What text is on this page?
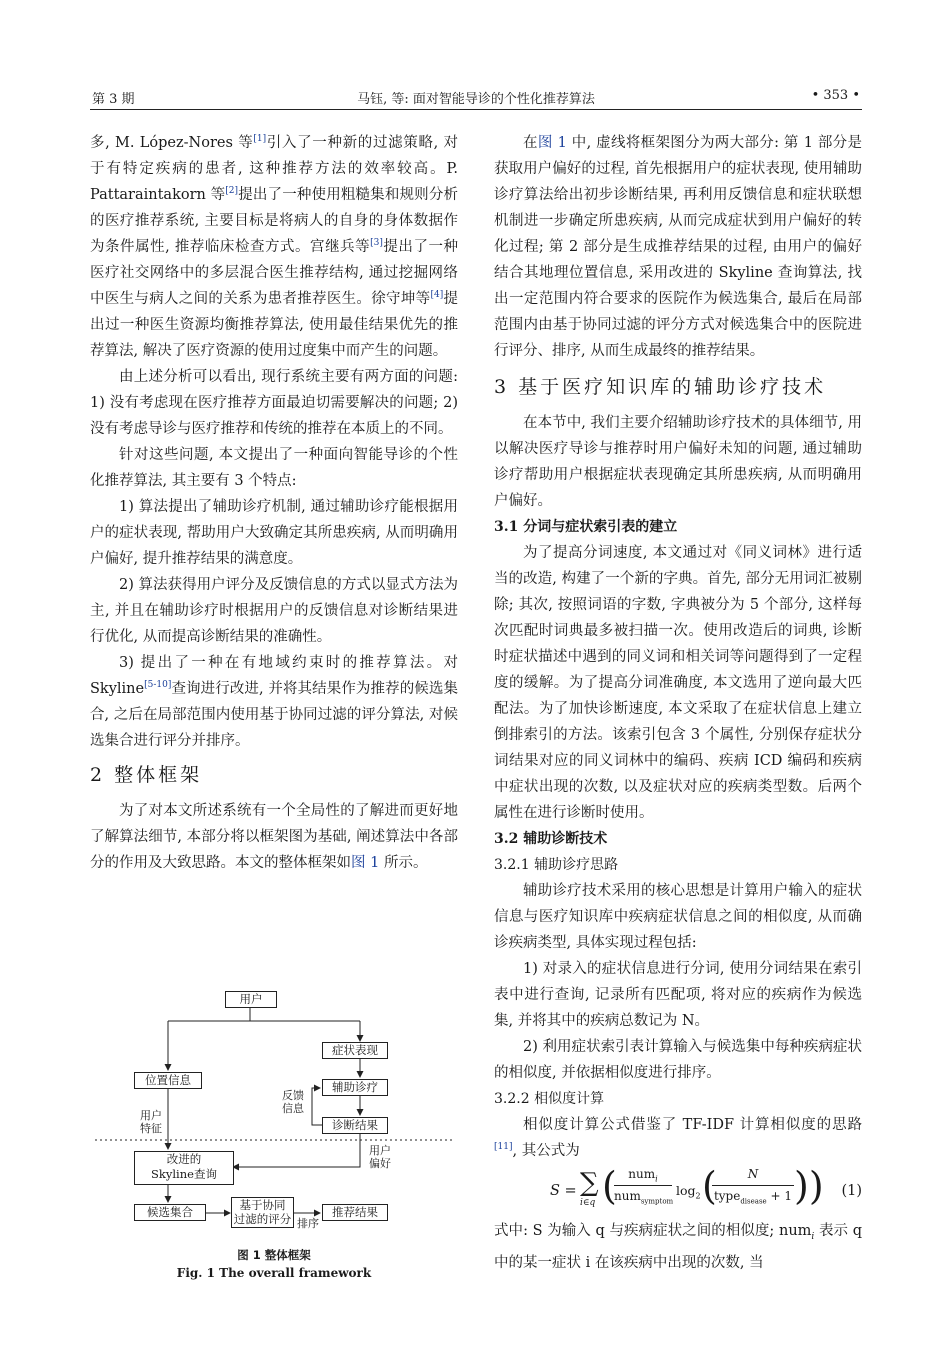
第 3 期	马钰, 等: 面对智能导诊的个性化推荐算法	• 353 •

多, M. López-Nores 等[1]引入了一种新的过滤策略, 对于有特定疾病的患者, 这种推荐方法的效率较高。P. Pattaraintakorn 等[2]提出了一种使用粗糙集和规则分析的医疗推荐系统, 主要目标是将病人的自身的身体数据作为条件属性, 推荐临床检查方式。宫继兵等[3]提出了一种医疗社交网络中的多层混合医生推荐结构, 通过挖掘网络中医生与病人之间的关系为患者推荐医生。徐守坤等[4]提出过一种医生资源均衡推荐算法, 使用最佳结果优先的推荐算法, 解决了医疗资源的使用过度集中而产生的问题。

由上述分析可以看出, 现行系统主要有两方面的问题: 1) 没有考虑现在医疗推荐方面最迫切需要解决的问题; 2) 没有考虑导诊与医疗推荐和传统的推荐在本质上的不同。

针对这些问题, 本文提出了一种面向智能导诊的个性化推荐算法, 其主要有 3 个特点:

1) 算法提出了辅助诊疗机制, 通过辅助诊疗能根据用户的症状表现, 帮助用户大致确定其所患疾病, 从而明确用户偏好, 提升推荐结果的满意度。

2) 算法获得用户评分及反馈信息的方式以显式方法为主, 并且在辅助诊疗时根据用户的反馈信息对诊断结果进行优化, 从而提高诊断结果的准确性。

3) 提出了一种在有地域约束时的推荐算法。对 Skyline[5-10]查询进行改进, 并将其结果作为推荐的候选集合, 之后在局部范围内使用基于协同过滤的评分算法, 对候选集合进行评分并排序。

2 整体框架

为了对本文所述系统有一个全局性的了解进而更好地了解算法细节, 本部分将以框架图为基础, 阐述算法中各部分的作用及大致思路。本文的整体框架如图 1 所示。

用户
症状表现
位置信息	辅助诊疗
诊断结果
改进的
Skyline查询
候选集合	基于协同
过滤的评分	推荐结果
反馈
信息
用户
特征
用户
偏好
排序
图 1 整体框架
Fig. 1 The overall framework

在图 1 中, 虚线将框架图分为两大部分: 第 1 部分是获取用户偏好的过程, 首先根据用户的症状表现, 使用辅助诊疗算法给出初步诊断结果, 再利用反馈信息和症状联想机制进一步确定所患疾病, 从而完成症状到用户偏好的转化过程; 第 2 部分是生成推荐结果的过程, 由用户的偏好结合其地理位置信息, 采用改进的 Skyline 查询算法, 找出一定范围内符合要求的医院作为候选集合, 最后在局部范围内由基于协同过滤的评分方式对候选集合中的医院进行评分、排序, 从而生成最终的推荐结果。

3 基于医疗知识库的辅助诊疗技术

在本节中, 我们主要介绍辅助诊疗技术的具体细节, 用以解决医疗导诊与推荐时用户偏好未知的问题, 通过辅助诊疗帮助用户根据症状表现确定其所患疾病, 从而明确用户偏好。

3.1 分词与症状索引表的建立

为了提高分词速度, 本文通过对《同义词林》进行适当的改造, 构建了一个新的字典。首先, 部分无用词汇被剔除; 其次, 按照词语的字数, 字典被分为 5 个部分, 这样每次匹配时词典最多被扫描一次。使用改造后的词典, 诊断时症状描述中遇到的同义词和相关词等问题得到了一定程度的缓解。为了提高分词准确度, 本文选用了逆向最大匹配法。为了加快诊断速度, 本文采取了在症状信息上建立倒排索引的方法。该索引包含 3 个属性, 分别保存症状分词结果对应的同义词林中的编码、疾病 ICD 编码和疾病中症状出现的次数, 以及症状对应的疾病类型数。后两个属性在进行诊断时使用。

3.2 辅助诊断技术
3.2.1 辅助诊疗思路

辅助诊疗技术采用的核心思想是计算用户输入的症状信息与医疗知识库中疾病症状信息之间的相似度, 从而确诊疾病类型, 具体实现过程包括:

1) 对录入的症状信息进行分词, 使用分词结果在索引表中进行查询, 记录所有匹配项, 将对应的疾病作为候选集, 并将其中的疾病总数记为 N。

2) 利用症状索引表计算输入与候选集中每种疾病症状的相似度, 并依据相似度进行排序。

3.2.2 相似度计算

相似度计算公式借鉴了 TF-IDF 计算相似度的思路[11], 其公式为

S = ∑
i∈q ( num$_i$
num$_{symptom}$
$\log_2$ (	N
type$_{disease}$ + 1 )) (1)

式中: S 为输入 q 与疾病症状之间的相似度; num$_i$ 表示 q 中的某一症状 i 在该疾病中出现的次数, 当
